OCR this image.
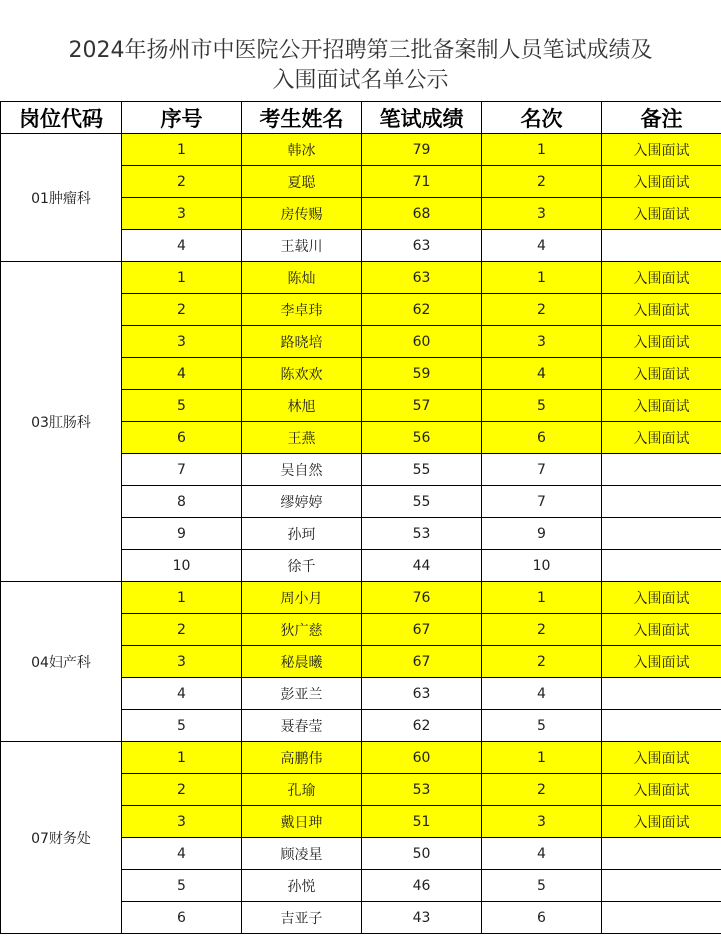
2024年扬州市中医院公开招聘第三批备案制人员笔试成绩及
入围面试名单公示
岗位代码	序号	考生姓名	笔试成绩	名次	备注
01肿瘤科	1	韩冰	79	1	入围面试
	2	夏聪	71	2	入围面试
	3	房传赐	68	3	入围面试
	4	王载川	63	4	
03肛肠科	1	陈灿	63	1	入围面试
	2	李卓玮	62	2	入围面试
	3	路晓培	60	3	入围面试
	4	陈欢欢	59	4	入围面试
	5	林旭	57	5	入围面试
	6	王燕	56	6	入围面试
	7	吴自然	55	7	
	8	缪婷婷	55	7	
	9	孙珂	53	9	
	10	徐千	44	10	
04妇产科	1	周小月	76	1	入围面试
	2	狄广慈	67	2	入围面试
	3	秘晨曦	67	2	入围面试
	4	彭亚兰	63	4	
	5	聂春莹	62	5	
07财务处	1	高鹏伟	60	1	入围面试
	2	孔瑜	53	2	入围面试
	3	戴日珅	51	3	入围面试
	4	顾凌星	50	4	
	5	孙悦	46	5	
	6	吉亚子	43	6	
